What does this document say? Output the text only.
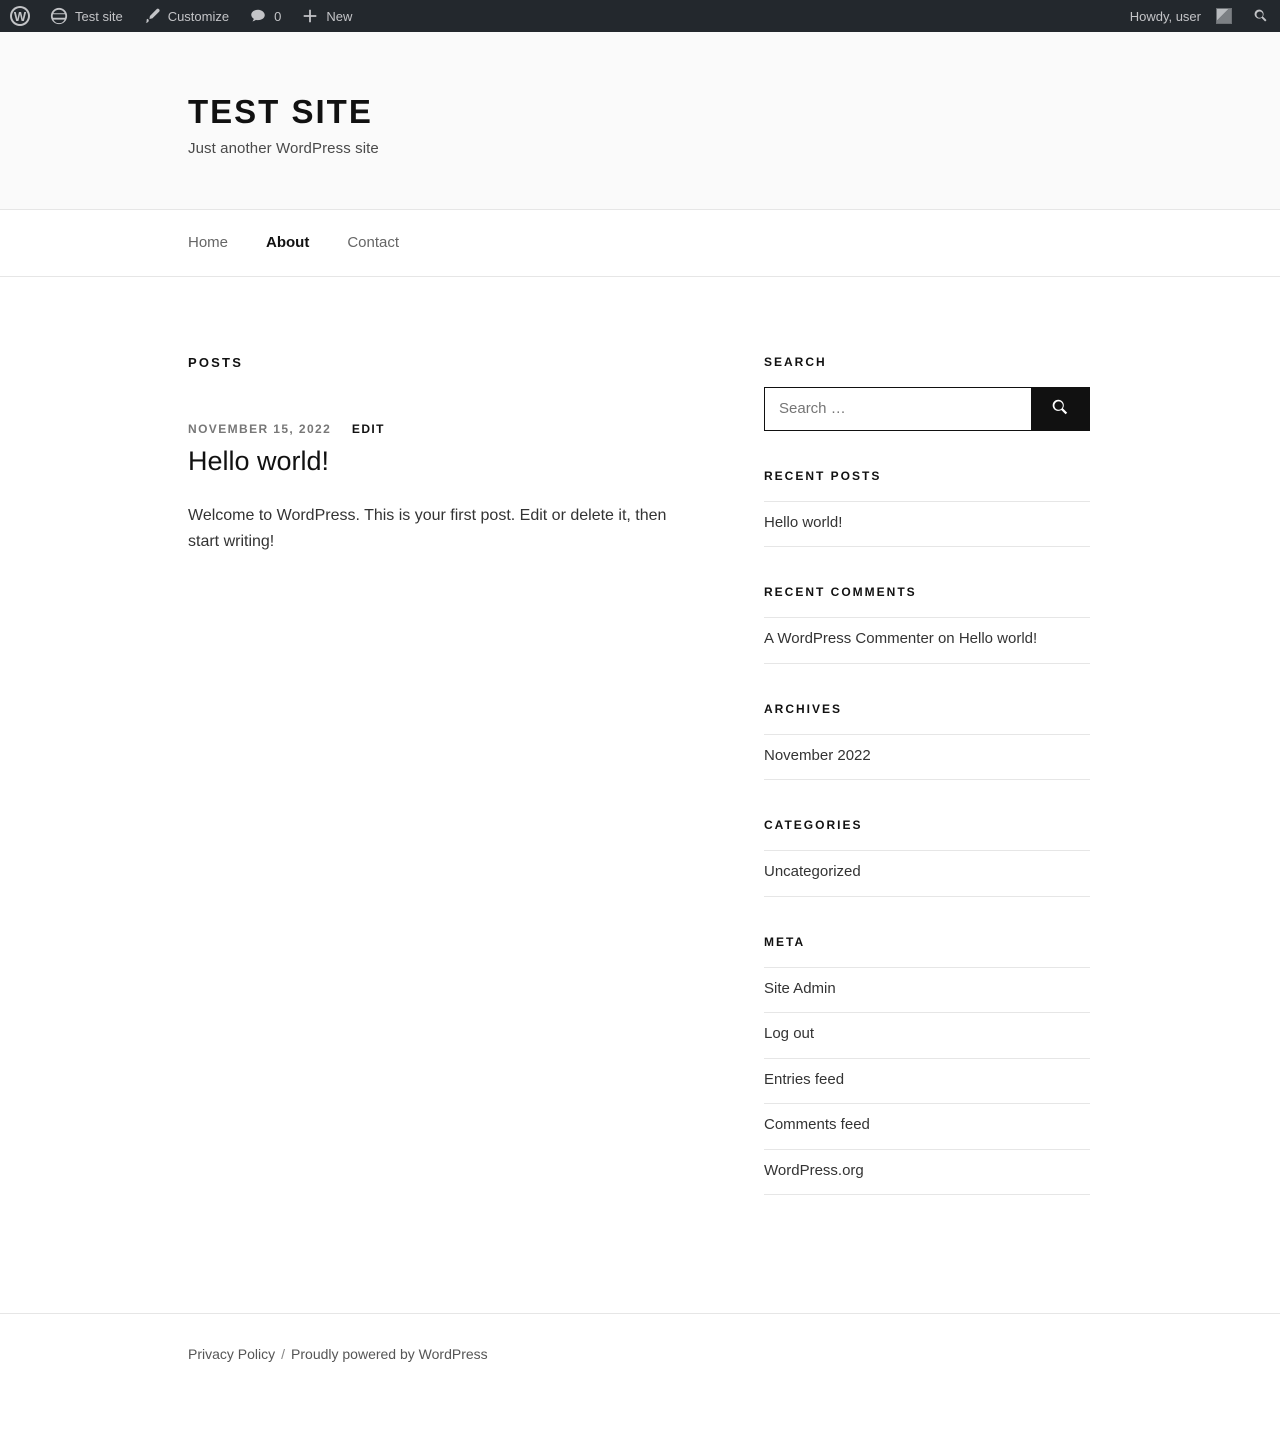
W
Test site	Customize	0	New	Howdy, user
TEST SITE

Just another WordPress site

Home	About	Contact
POSTS
NOVEMBER 15, 2022 EDIT
Hello world!

Welcome to WordPress. This is your first post. Edit or delete it, then start writing!

SEARCH
Search …
RECENT POSTS
Hello world!
RECENT COMMENTS
A WordPress Commenter on Hello world!
ARCHIVES
November 2022
CATEGORIES
Uncategorized
META
Site Admin
Log out
Entries feed
Comments feed
WordPress.org
Privacy Policy / Proudly powered by WordPress
